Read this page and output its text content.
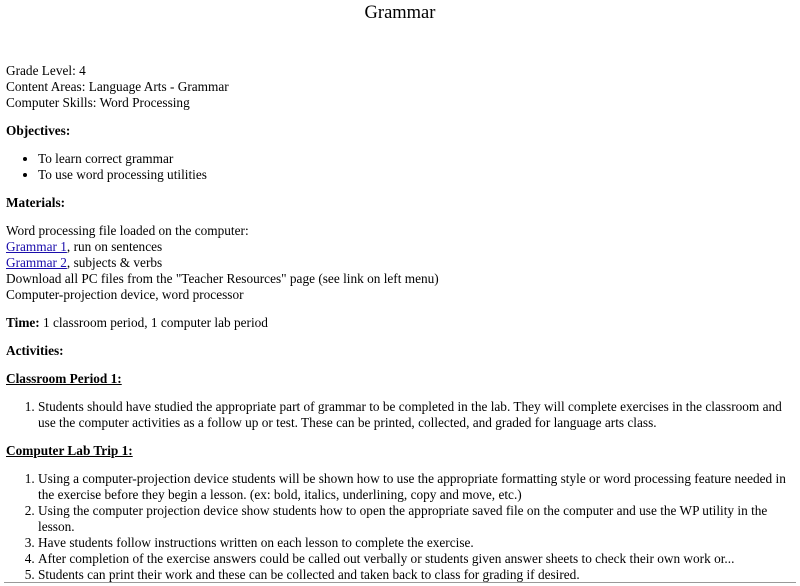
Grammar
Grade Level: 4
Content Areas: Language Arts - Grammar
Computer Skills: Word Processing
Objectives:
• To learn correct grammar
• To use word processing utilities
Materials:
Word processing file loaded on the computer:
Grammar 1, run on sentences
Grammar 2, subjects & verbs
Download all PC files from the "Teacher Resources" page (see link on left menu)
Computer-projection device, word processor
Time: 1 classroom period, 1 computer lab period
Activities:
Classroom Period 1:
1. Students should have studied the appropriate part of grammar to be completed in the lab. They will complete exercises in the classroom and use the computer activities as a follow up or test. These can be printed, collected, and graded for language arts class.
Computer Lab Trip 1:
1. Using a computer-projection device students will be shown how to use the appropriate formatting style or word processing feature needed in the exercise before they begin a lesson. (ex: bold, italics, underlining, copy and move, etc.)
2. Using the computer projection device show students how to open the appropriate saved file on the computer and use the WP utility in the lesson.
3. Have students follow instructions written on each lesson to complete the exercise.
4. After completion of the exercise answers could be called out verbally or students given answer sheets to check their own work or...
5. Students can print their work and these can be collected and taken back to class for grading if desired.
